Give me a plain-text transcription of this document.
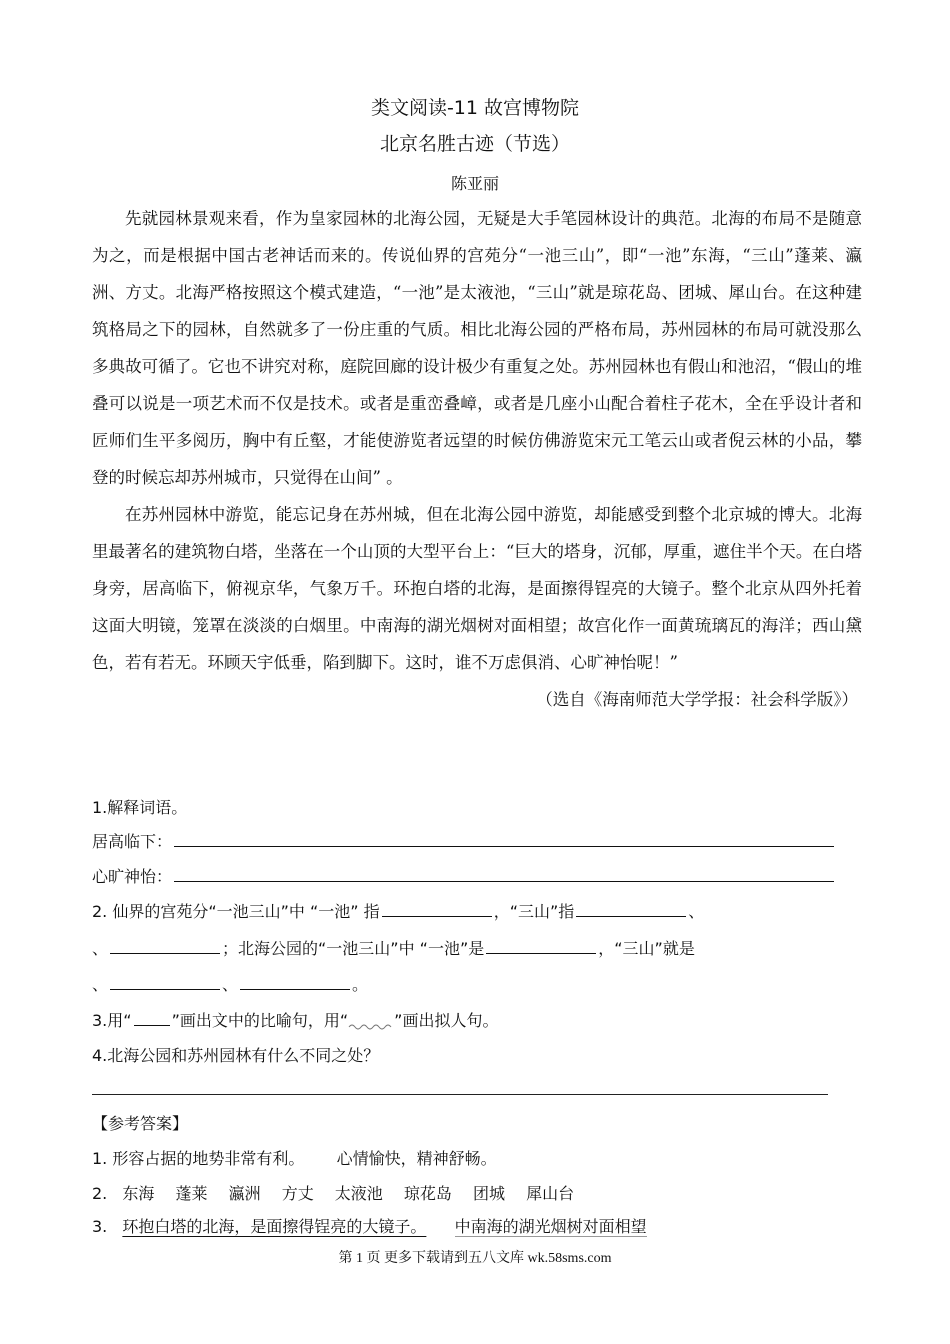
类文阅读-11 故宫博物院
北京名胜古迹（节选）
陈亚丽

先就园林景观来看，作为皇家园林的北海公园，无疑是大手笔园林设计的典范。北海的布局不是随意为之，而是根据中国古老神话而来的。传说仙界的宫苑分“一池三山”，即“一池”东海，“三山”蓬莱、瀛洲、方丈。北海严格按照这个模式建造，“一池”是太液池，“三山”就是琼花岛、团城、犀山台。在这种建筑格局之下的园林，自然就多了一份庄重的气质。相比北海公园的严格布局，苏州园林的布局可就没那么多典故可循了。它也不讲究对称，庭院回廊的设计极少有重复之处。苏州园林也有假山和池沼，“假山的堆叠可以说是一项艺术而不仅是技术。或者是重峦叠嶂，或者是几座小山配合着柱子花木，全在乎设计者和匠师们生平多阅历，胸中有丘壑，才能使游览者远望的时候仿佛游览宋元工笔云山或者倪云林的小品，攀登的时候忘却苏州城市，只觉得在山间” 。

在苏州园林中游览，能忘记身在苏州城，但在北海公园中游览，却能感受到整个北京城的博大。北海里最著名的建筑物白塔，坐落在一个山顶的大型平台上：“巨大的塔身，沉郁，厚重，遮住半个天。在白塔身旁，居高临下，俯视京华，气象万千。环抱白塔的北海，是面擦得锃亮的大镜子。整个北京从四外托着这面大明镜，笼罩在淡淡的白烟里。中南海的湖光烟树对面相望；故宫化作一面黄琉璃瓦的海洋；西山黛色，若有若无。环顾天宇低垂，陷到脚下。这时，谁不万虑俱消、心旷神怡呢！”

（选自《海南师范大学学报：社会科学版》）

1.解释词语。
居高临下：
心旷神怡：
2. 仙界的宫苑分“一池三山”中 “一池” 指	，“三山”指	、
、	；北海公园的“一池三山”中 “一池”是	，“三山”就是
、	、	。
3.用“	”画出文中的比喻句，用“	”画出拟人句。
4.北海公园和苏州园林有什么不同之处？
【参考答案】
1. 形容占据的地势非常有利。 心情愉快，精神舒畅。
2. 东海 蓬莱 瀛洲 方丈 太液池 琼花岛 团城 犀山台
3. 环抱白塔的北海，是面擦得锃亮的大镜子。 中南海的湖光烟树对面相望
第 1 页 更多下载请到五八文库 wk.58sms.com
